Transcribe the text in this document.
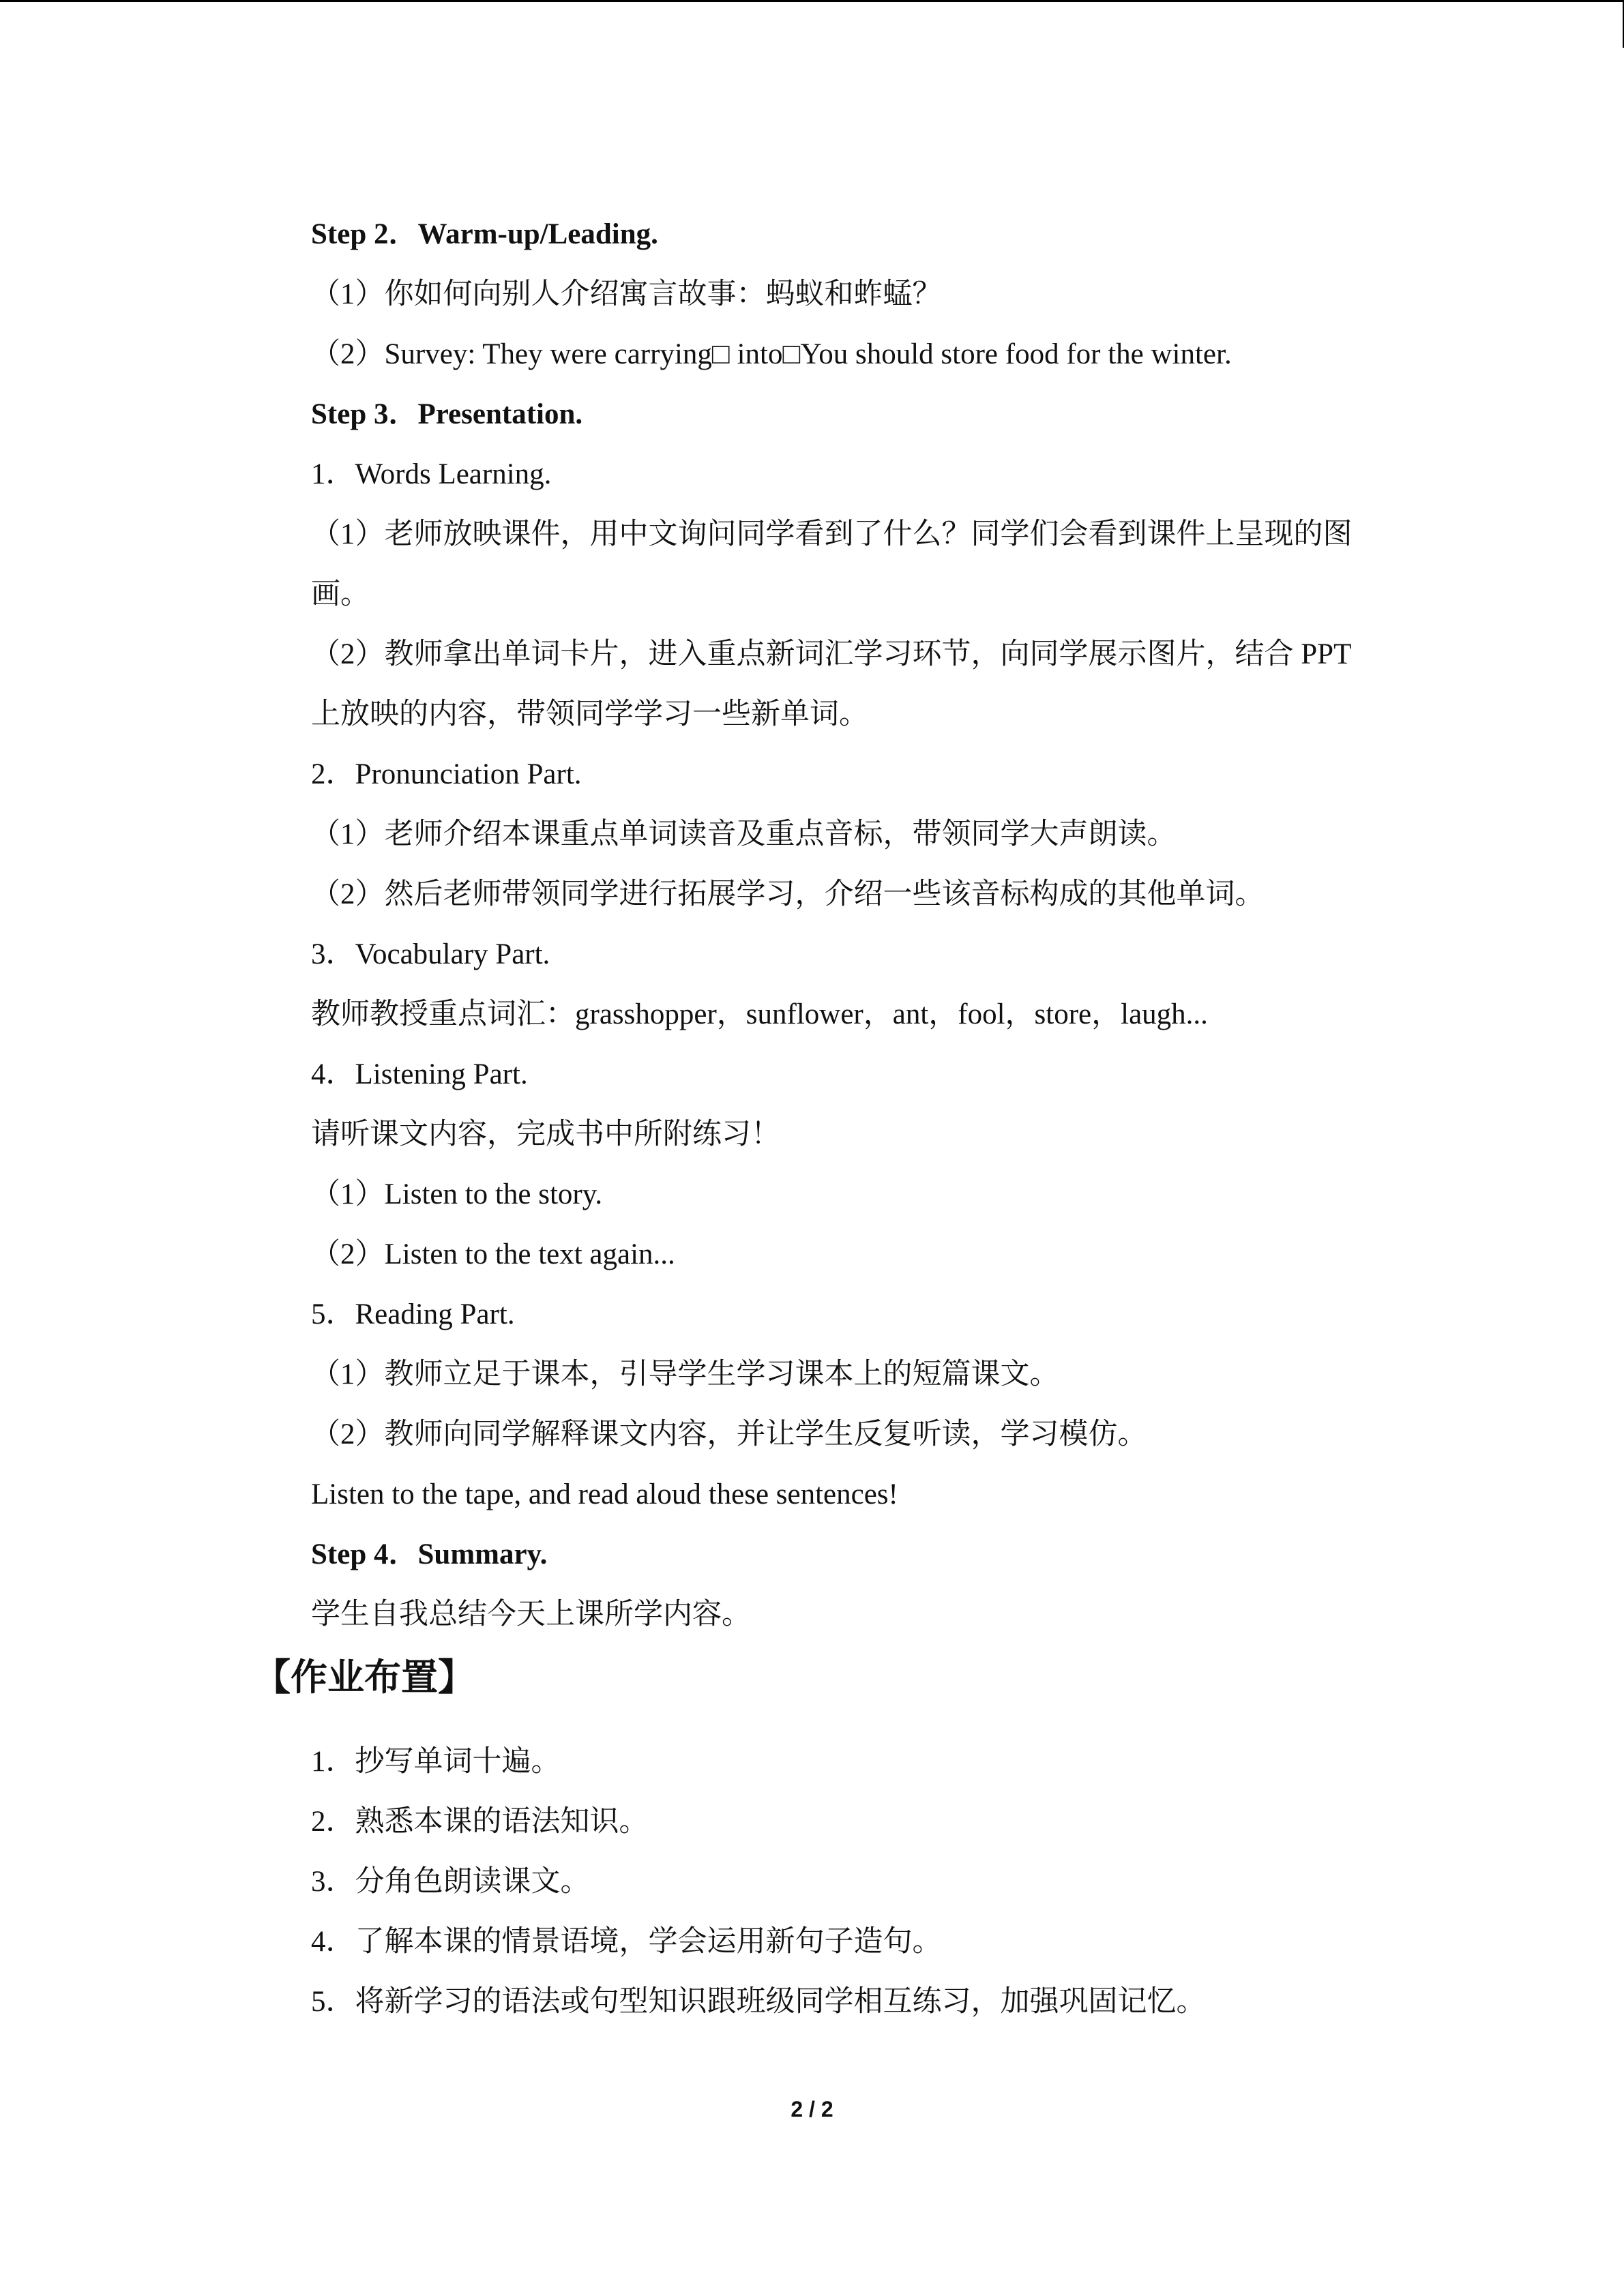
Step 2．Warm-up/Leading.
（1）你如何向别人介绍寓言故事：蚂蚁和蚱蜢？
（2）Survey: They were carrying□ into□You should store food for the winter.
Step 3．Presentation.
1．Words Learning.
（1）老师放映课件，用中文询问同学看到了什么？同学们会看到课件上呈现的图画。
（2）教师拿出单词卡片，进入重点新词汇学习环节，向同学展示图片，结合 PPT 上放映的内容，带领同学学习一些新单词。
2．Pronunciation Part.
（1）老师介绍本课重点单词读音及重点音标，带领同学大声朗读。
（2）然后老师带领同学进行拓展学习，介绍一些该音标构成的其他单词。
3．Vocabulary Part.
教师教授重点词汇：grasshopper，sunflower，ant，fool，store，laugh...
4．Listening Part.
请听课文内容，完成书中所附练习！
（1）Listen to the story.
（2）Listen to the text again...
5．Reading Part.
（1）教师立足于课本，引导学生学习课本上的短篇课文。
（2）教师向同学解释课文内容，并让学生反复听读，学习模仿。
Listen to the tape, and read aloud these sentences!
Step 4．Summary.
学生自我总结今天上课所学内容。
【作业布置】
1．抄写单词十遍。
2．熟悉本课的语法知识。
3．分角色朗读课文。
4．了解本课的情景语境，学会运用新句子造句。
5．将新学习的语法或句型知识跟班级同学相互练习，加强巩固记忆。
2 / 2
